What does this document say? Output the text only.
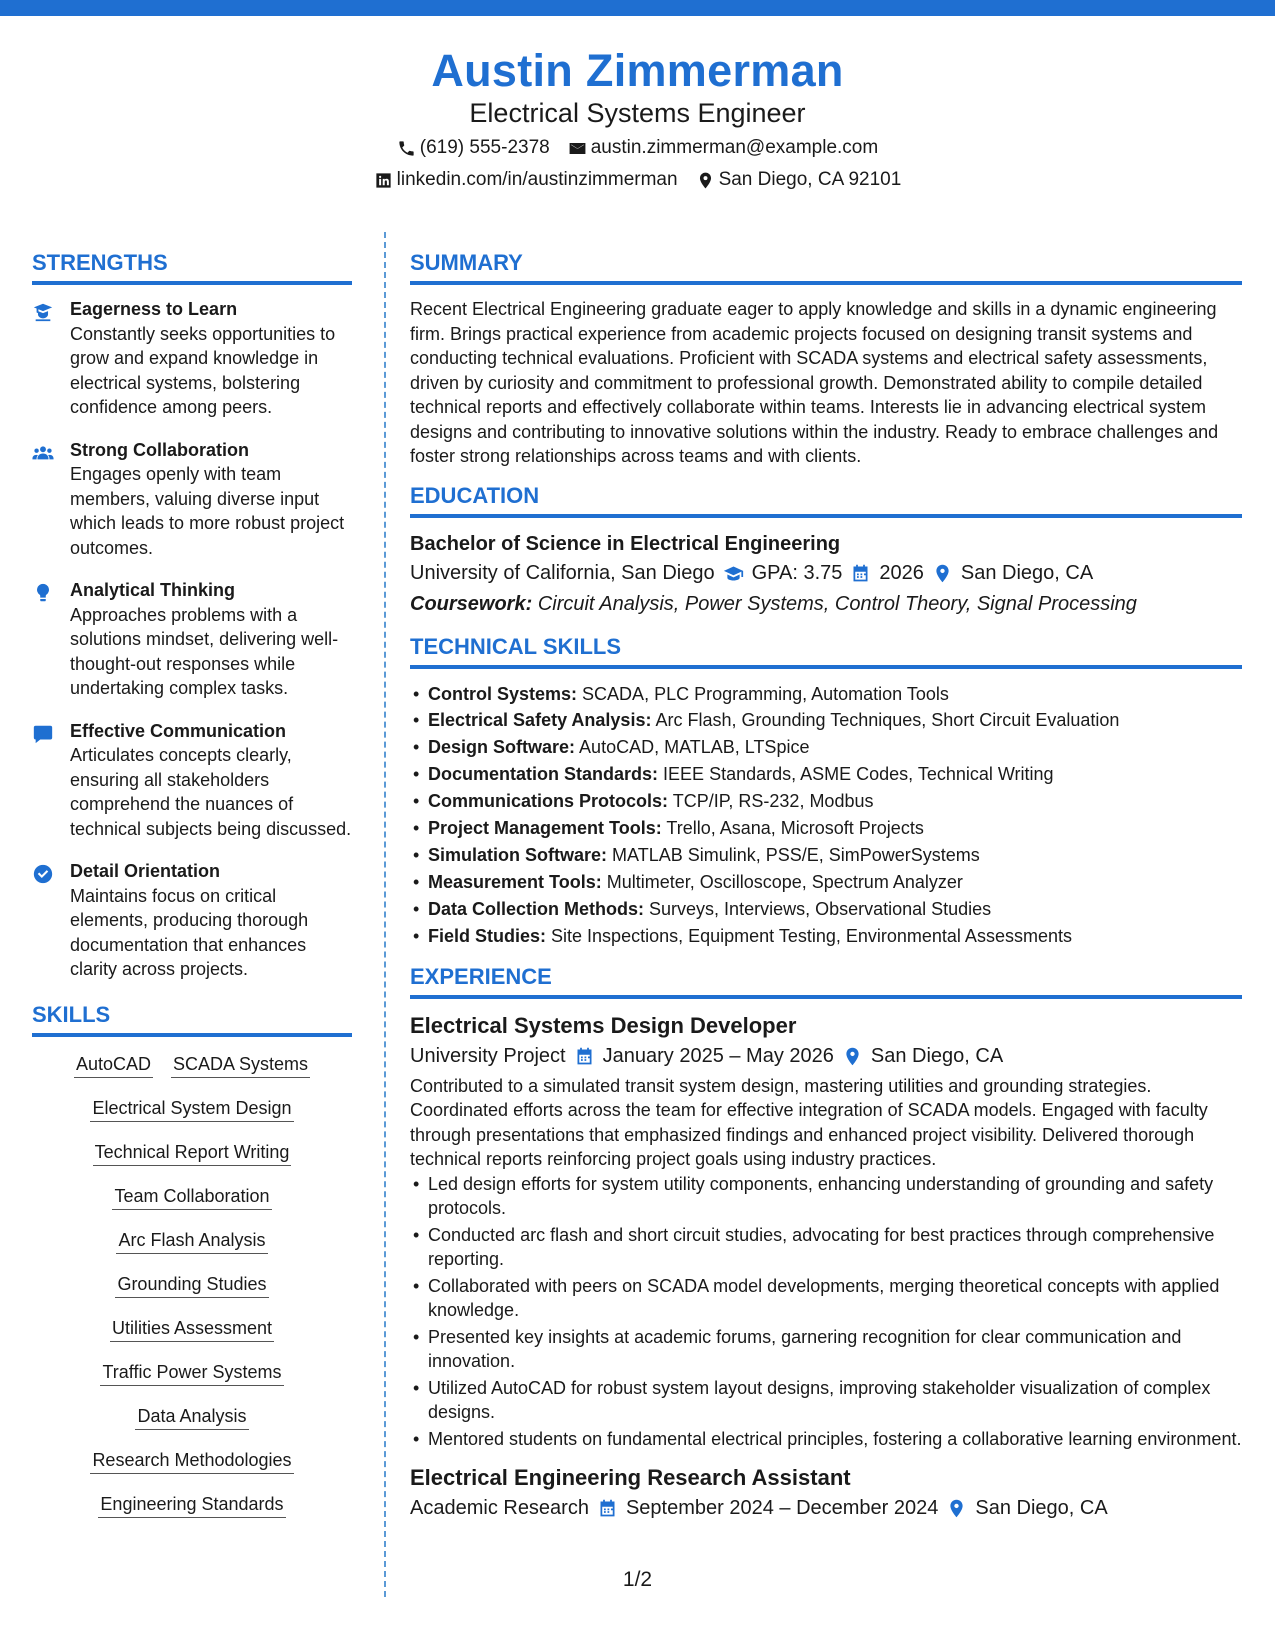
Austin Zimmerman
Electrical Systems Engineer
(619) 555-2378 austin.zimmerman@example.com
linkedin.com/in/austinzimmerman San Diego, CA 92101
STRENGTHS
Eagerness to Learn
Constantly seeks opportunities to grow and expand knowledge in electrical systems, bolstering confidence among peers.
Strong Collaboration
Engages openly with team members, valuing diverse input which leads to more robust project outcomes.
Analytical Thinking
Approaches problems with a solutions mindset, delivering well-thought-out responses while undertaking complex tasks.
Effective Communication
Articulates concepts clearly, ensuring all stakeholders comprehend the nuances of technical subjects being discussed.
Detail Orientation
Maintains focus on critical elements, producing thorough documentation that enhances clarity across projects.
SKILLS
AutoCAD SCADA Systems
Electrical System Design
Technical Report Writing
Team Collaboration
Arc Flash Analysis
Grounding Studies
Utilities Assessment
Traffic Power Systems
Data Analysis
Research Methodologies
Engineering Standards
SUMMARY
Recent Electrical Engineering graduate eager to apply knowledge and skills in a dynamic engineering firm. Brings practical experience from academic projects focused on designing transit systems and conducting technical evaluations. Proficient with SCADA systems and electrical safety assessments, driven by curiosity and commitment to professional growth. Demonstrated ability to compile detailed technical reports and effectively collaborate within teams. Interests lie in advancing electrical system designs and contributing to innovative solutions within the industry. Ready to embrace challenges and foster strong relationships across teams and with clients.
EDUCATION
Bachelor of Science in Electrical Engineering
University of California, San Diego GPA: 3.75 2026 San Diego, CA
Coursework: Circuit Analysis, Power Systems, Control Theory, Signal Processing
TECHNICAL SKILLS
• Control Systems: SCADA, PLC Programming, Automation Tools
• Electrical Safety Analysis: Arc Flash, Grounding Techniques, Short Circuit Evaluation
• Design Software: AutoCAD, MATLAB, LTSpice
• Documentation Standards: IEEE Standards, ASME Codes, Technical Writing
• Communications Protocols: TCP/IP, RS-232, Modbus
• Project Management Tools: Trello, Asana, Microsoft Projects
• Simulation Software: MATLAB Simulink, PSS/E, SimPowerSystems
• Measurement Tools: Multimeter, Oscilloscope, Spectrum Analyzer
• Data Collection Methods: Surveys, Interviews, Observational Studies
• Field Studies: Site Inspections, Equipment Testing, Environmental Assessments
EXPERIENCE
Electrical Systems Design Developer
University Project January 2025 – May 2026 San Diego, CA
Contributed to a simulated transit system design, mastering utilities and grounding strategies. Coordinated efforts across the team for effective integration of SCADA models. Engaged with faculty through presentations that emphasized findings and enhanced project visibility. Delivered thorough technical reports reinforcing project goals using industry practices.
• Led design efforts for system utility components, enhancing understanding of grounding and safety protocols.
• Conducted arc flash and short circuit studies, advocating for best practices through comprehensive reporting.
• Collaborated with peers on SCADA model developments, merging theoretical concepts with applied knowledge.
• Presented key insights at academic forums, garnering recognition for clear communication and innovation.
• Utilized AutoCAD for robust system layout designs, improving stakeholder visualization of complex designs.
• Mentored students on fundamental electrical principles, fostering a collaborative learning environment.
Electrical Engineering Research Assistant
Academic Research September 2024 – December 2024 San Diego, CA
1/2
